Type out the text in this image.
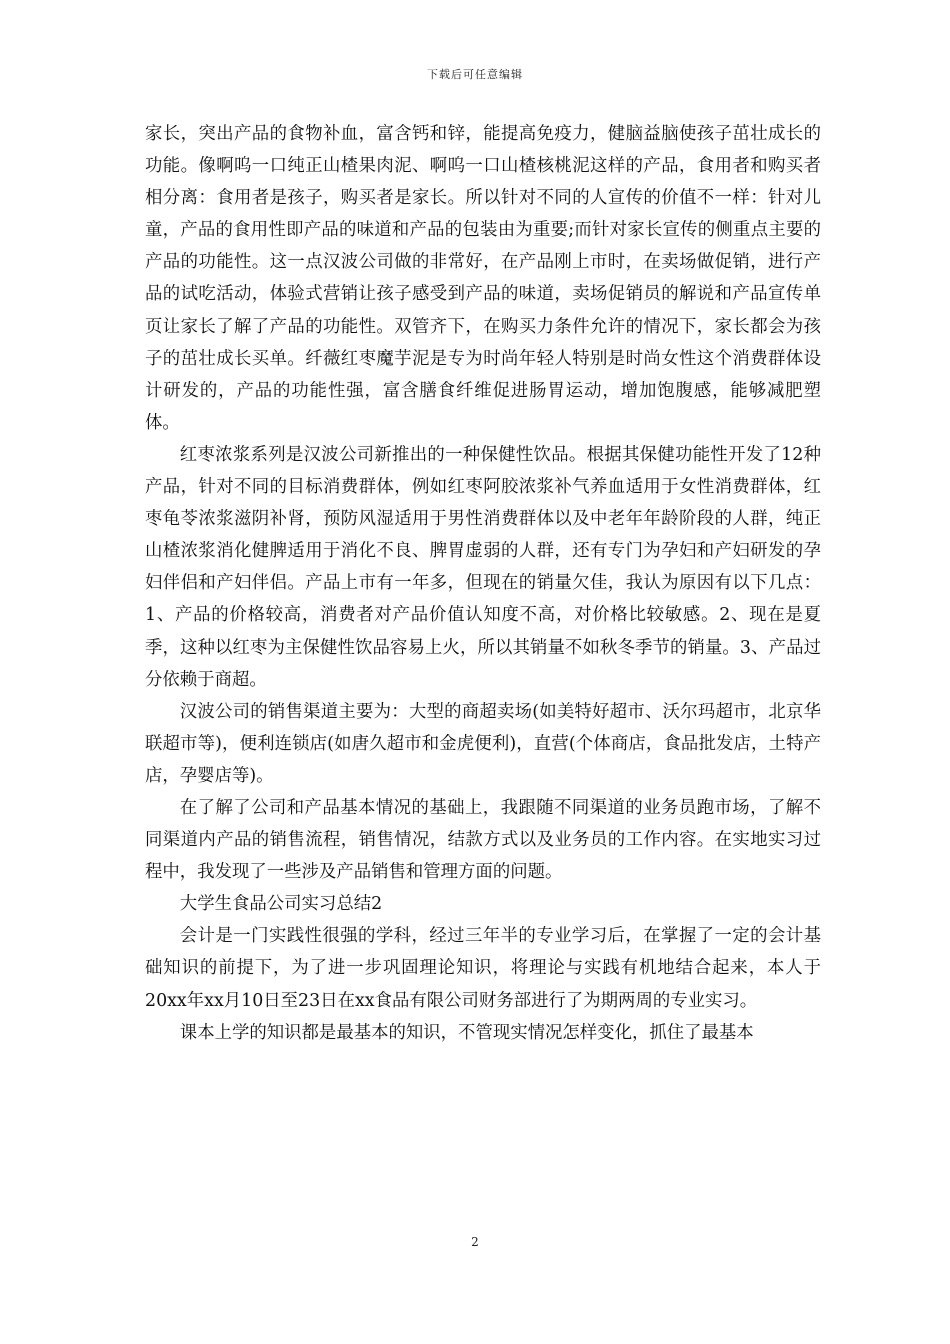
下载后可任意编辑

家长，突出产品的食物补血，富含钙和锌，能提高免疫力，健脑益脑使孩子茁壮成长的功能。像啊呜一口纯正山楂果肉泥、啊呜一口山楂核桃泥这样的产品，食用者和购买者相分离：食用者是孩子，购买者是家长。所以针对不同的人宣传的价值不一样：针对儿童，产品的食用性即产品的味道和产品的包装由为重要;而针对家长宣传的侧重点主要的产品的功能性。这一点汉波公司做的非常好，在产品刚上市时，在卖场做促销，进行产品的试吃活动，体验式营销让孩子感受到产品的味道，卖场促销员的解说和产品宣传单页让家长了解了产品的功能性。双管齐下，在购买力条件允许的情况下，家长都会为孩子的茁壮成长买单。纤薇红枣魔芋泥是专为时尚年轻人特别是时尚女性这个消费群体设计研发的，产品的功能性强，富含膳食纤维促进肠胃运动，增加饱腹感，能够减肥塑体。

红枣浓浆系列是汉波公司新推出的一种保健性饮品。根据其保健功能性开发了12种产品，针对不同的目标消费群体，例如红枣阿胶浓浆补气养血适用于女性消费群体，红枣龟苓浓浆滋阴补肾，预防风湿适用于男性消费群体以及中老年年龄阶段的人群，纯正山楂浓浆消化健脾适用于消化不良、脾胃虚弱的人群，还有专门为孕妇和产妇研发的孕妇伴侣和产妇伴侣。产品上市有一年多，但现在的销量欠佳，我认为原因有以下几点：1、产品的价格较高，消费者对产品价值认知度不高，对价格比较敏感。2、现在是夏季，这种以红枣为主保健性饮品容易上火，所以其销量不如秋冬季节的销量。3、产品过分依赖于商超。

汉波公司的销售渠道主要为：大型的商超卖场(如美特好超市、沃尔玛超市，北京华联超市等)，便利连锁店(如唐久超市和金虎便利)，直营(个体商店，食品批发店，土特产店，孕婴店等)。

在了解了公司和产品基本情况的基础上，我跟随不同渠道的业务员跑市场，了解不同渠道内产品的销售流程，销售情况，结款方式以及业务员的工作内容。在实地实习过程中，我发现了一些涉及产品销售和管理方面的问题。

大学生食品公司实习总结2

会计是一门实践性很强的学科，经过三年半的专业学习后，在掌握了一定的会计基础知识的前提下，为了进一步巩固理论知识，将理论与实践有机地结合起来，本人于20xx年xx月10日至23日在xx食品有限公司财务部进行了为期两周的专业实习。

课本上学的知识都是最基本的知识，不管现实情况怎样变化，抓住了最基本

2
